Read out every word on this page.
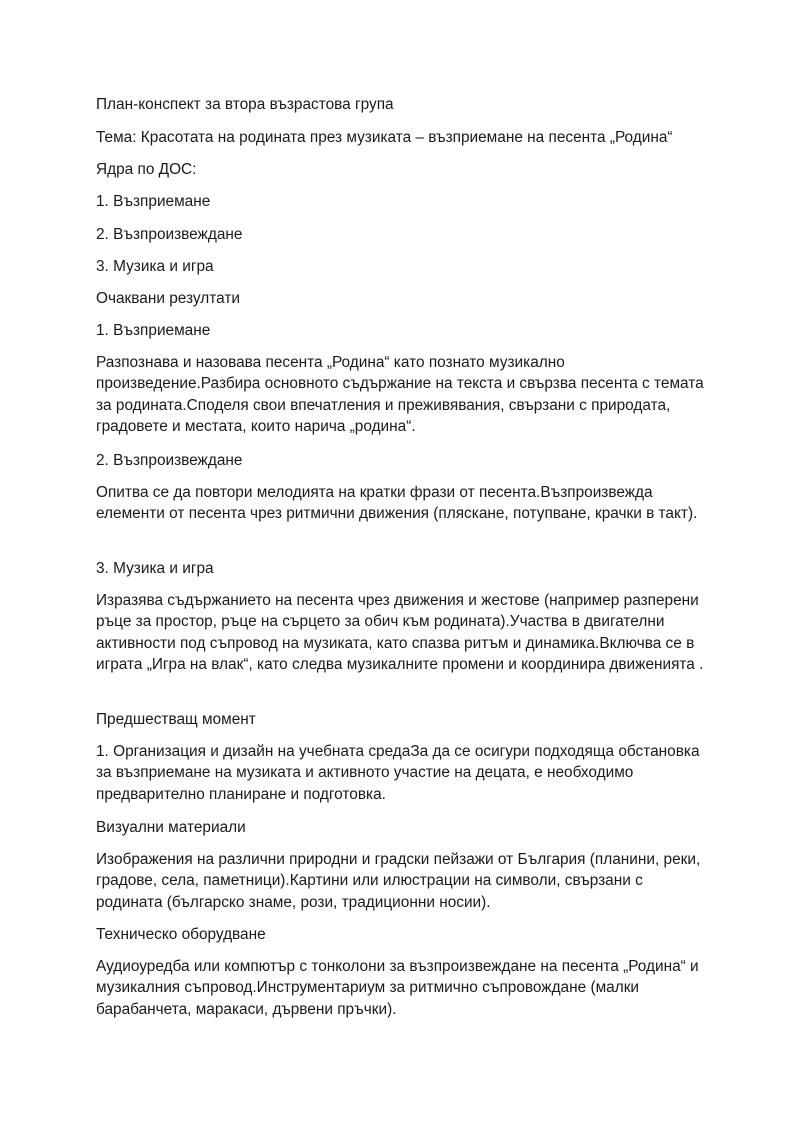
План-конспект за втора възрастова група

Тема: Красотата на родината през музиката – възприемане на песента „Родина“

Ядра по ДОС:

1. Възприемане

2. Възпроизвеждане

3. Музика и игра

Очаквани резултати

1. Възприемане

Разпознава и назовава песента „Родина“ като познато музикално произведение.Разбира основното съдържание на текста и свързва песента с темата за родината.Споделя свои впечатления и преживявания, свързани с природата, градовете и местата, които нарича „родина“.

2. Възпроизвеждане

Опитва се да повтори мелодията на кратки фрази от песента.Възпроизвежда елементи от песента чрез ритмични движения (пляскане, потупване, крачки в такт).

3. Музика и игра

Изразява съдържанието на песента чрез движения и жестове (например разперени ръце за простор, ръце на сърцето за обич към родината).Участва в двигателни активности под съпровод на музиката, като спазва ритъм и динамика.Включва се в играта „Игра на влак“, като следва музикалните промени и координира движенията .

Предшестващ момент

1. Организация и дизайн на учебната средаЗа да се осигури подходяща обстановка за възприемане на музиката и активното участие на децата, е необходимо предварително планиране и подготовка.

Визуални материали

Изображения на различни природни и градски пейзажи от България (планини, реки, градове, села, паметници).Картини или илюстрации на символи, свързани с родината (българско знаме, рози, традиционни носии).

Техническо оборудване

Аудиоуредба или компютър с тонколони за възпроизвеждане на песента „Родина“ и музикалния съпровод.Инструментариум за ритмично съпровождане (малки барабанчета, маракаси, дървени пръчки).
